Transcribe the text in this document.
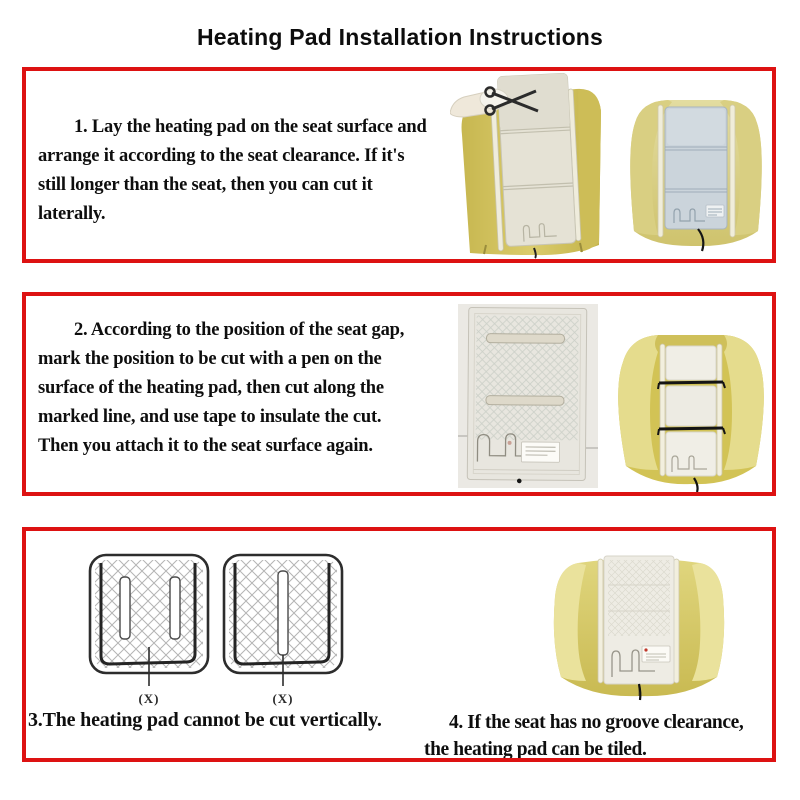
Heating Pad Installation Instructions
1. Lay the heating pad on the seat surface and
arrange it according to the seat clearance. If it's
still longer than the seat, then you can cut it
laterally.
2. According to the position of the seat gap,
mark the position to be cut with a pen on the
surface of the heating pad, then cut along the
marked line, and use tape to insulate the cut.
Then you attach it to the seat surface again.
(X)	(X)
3.The heating pad cannot be cut vertically.	4. If the seat has no groove clearance,
the heating pad can be tiled.
